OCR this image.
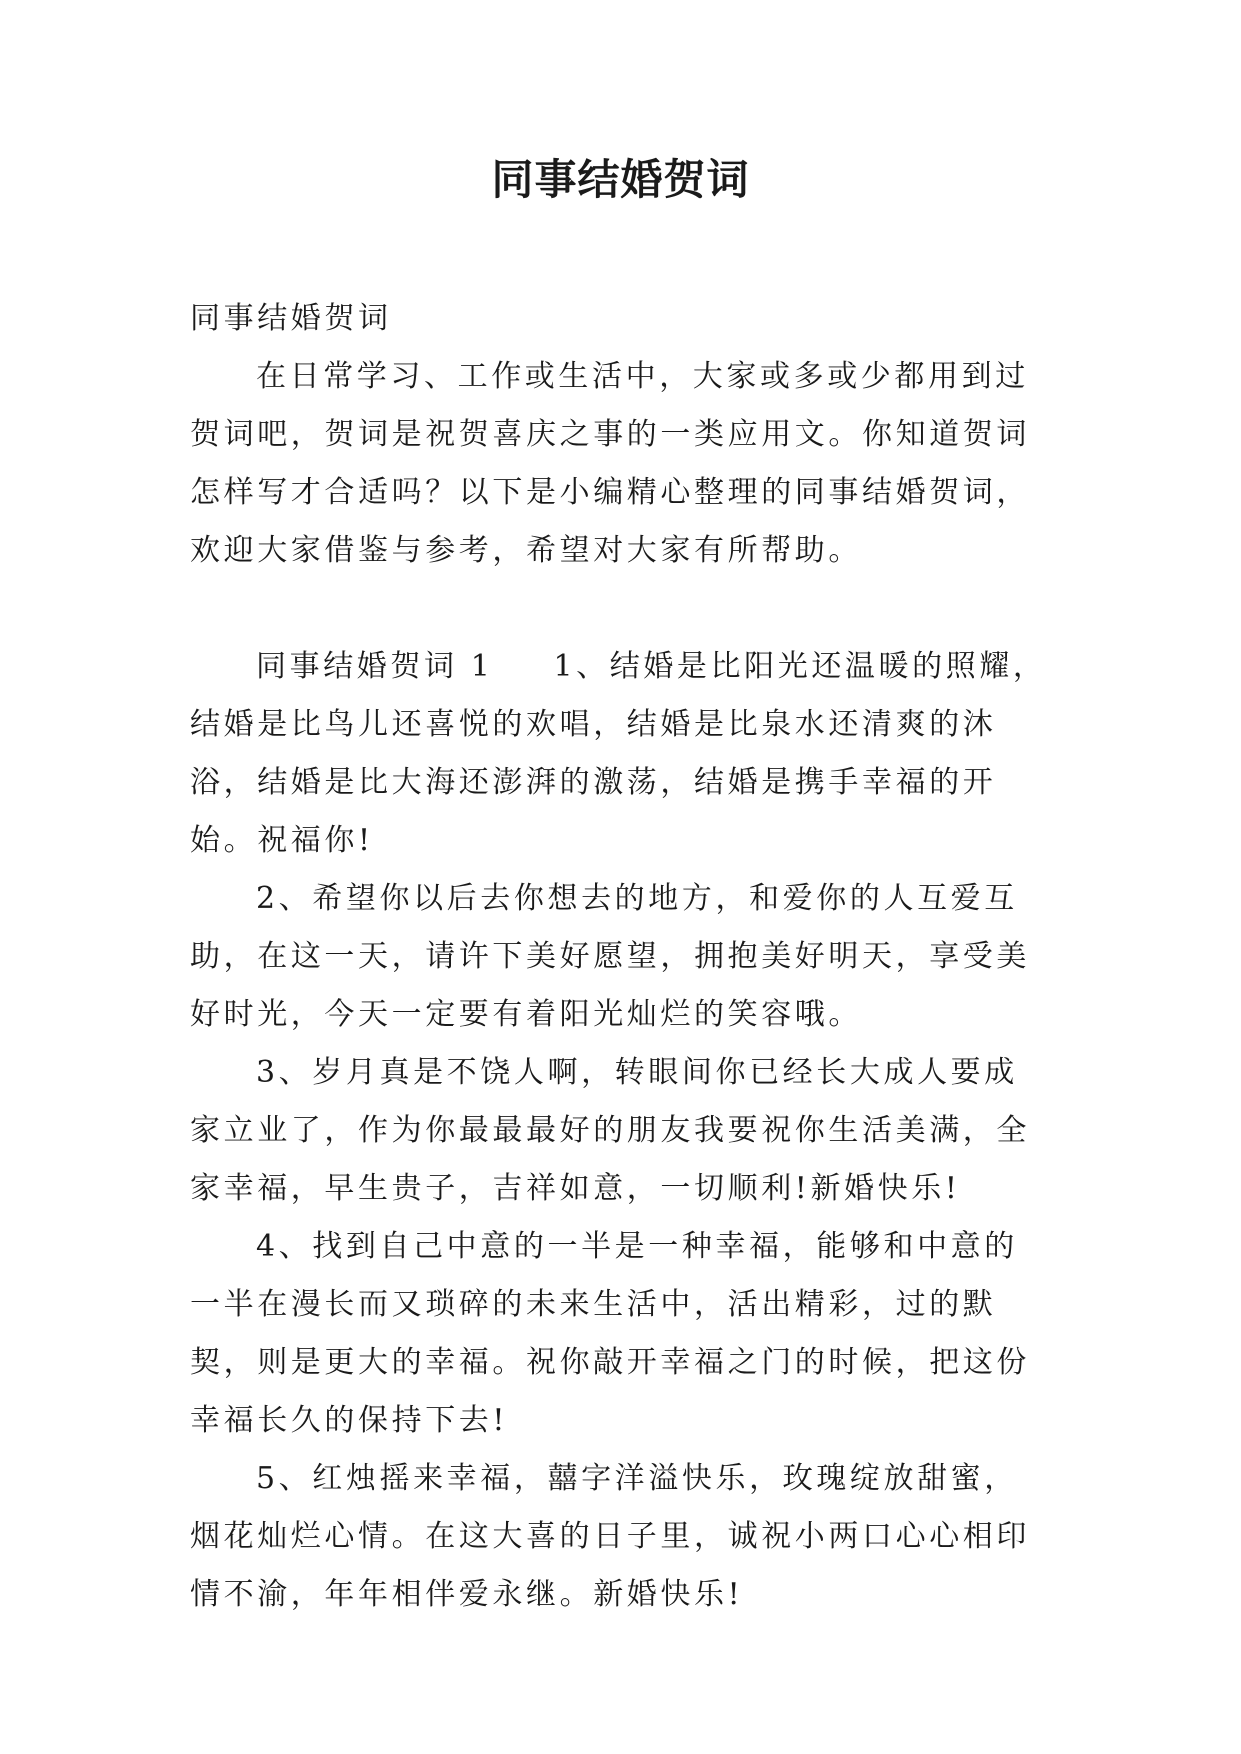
同事结婚贺词

同事结婚贺词

在日常学习、工作或生活中，大家或多或少都用到过贺词吧，贺词是祝贺喜庆之事的一类应用文。你知道贺词怎样写才合适吗？以下是小编精心整理的同事结婚贺词，欢迎大家借鉴与参考，希望对大家有所帮助。

同事结婚贺词 1 1、结婚是比阳光还温暖的照耀，结婚是比鸟儿还喜悦的欢唱，结婚是比泉水还清爽的沐浴，结婚是比大海还澎湃的激荡，结婚是携手幸福的开始。祝福你!

2、希望你以后去你想去的地方，和爱你的人互爱互助，在这一天，请许下美好愿望，拥抱美好明天，享受美好时光，今天一定要有着阳光灿烂的笑容哦。

3、岁月真是不饶人啊，转眼间你已经长大成人要成家立业了，作为你最最最好的朋友我要祝你生活美满，全家幸福，早生贵子，吉祥如意，一切顺利!新婚快乐!

4、找到自己中意的一半是一种幸福，能够和中意的一半在漫长而又琐碎的未来生活中，活出精彩，过的默契，则是更大的幸福。祝你敲开幸福之门的时候，把这份幸福长久的保持下去!

5、红烛摇来幸福，囍字洋溢快乐，玫瑰绽放甜蜜，烟花灿烂心情。在这大喜的日子里，诚祝小两口心心相印情不渝，年年相伴爱永继。新婚快乐!
